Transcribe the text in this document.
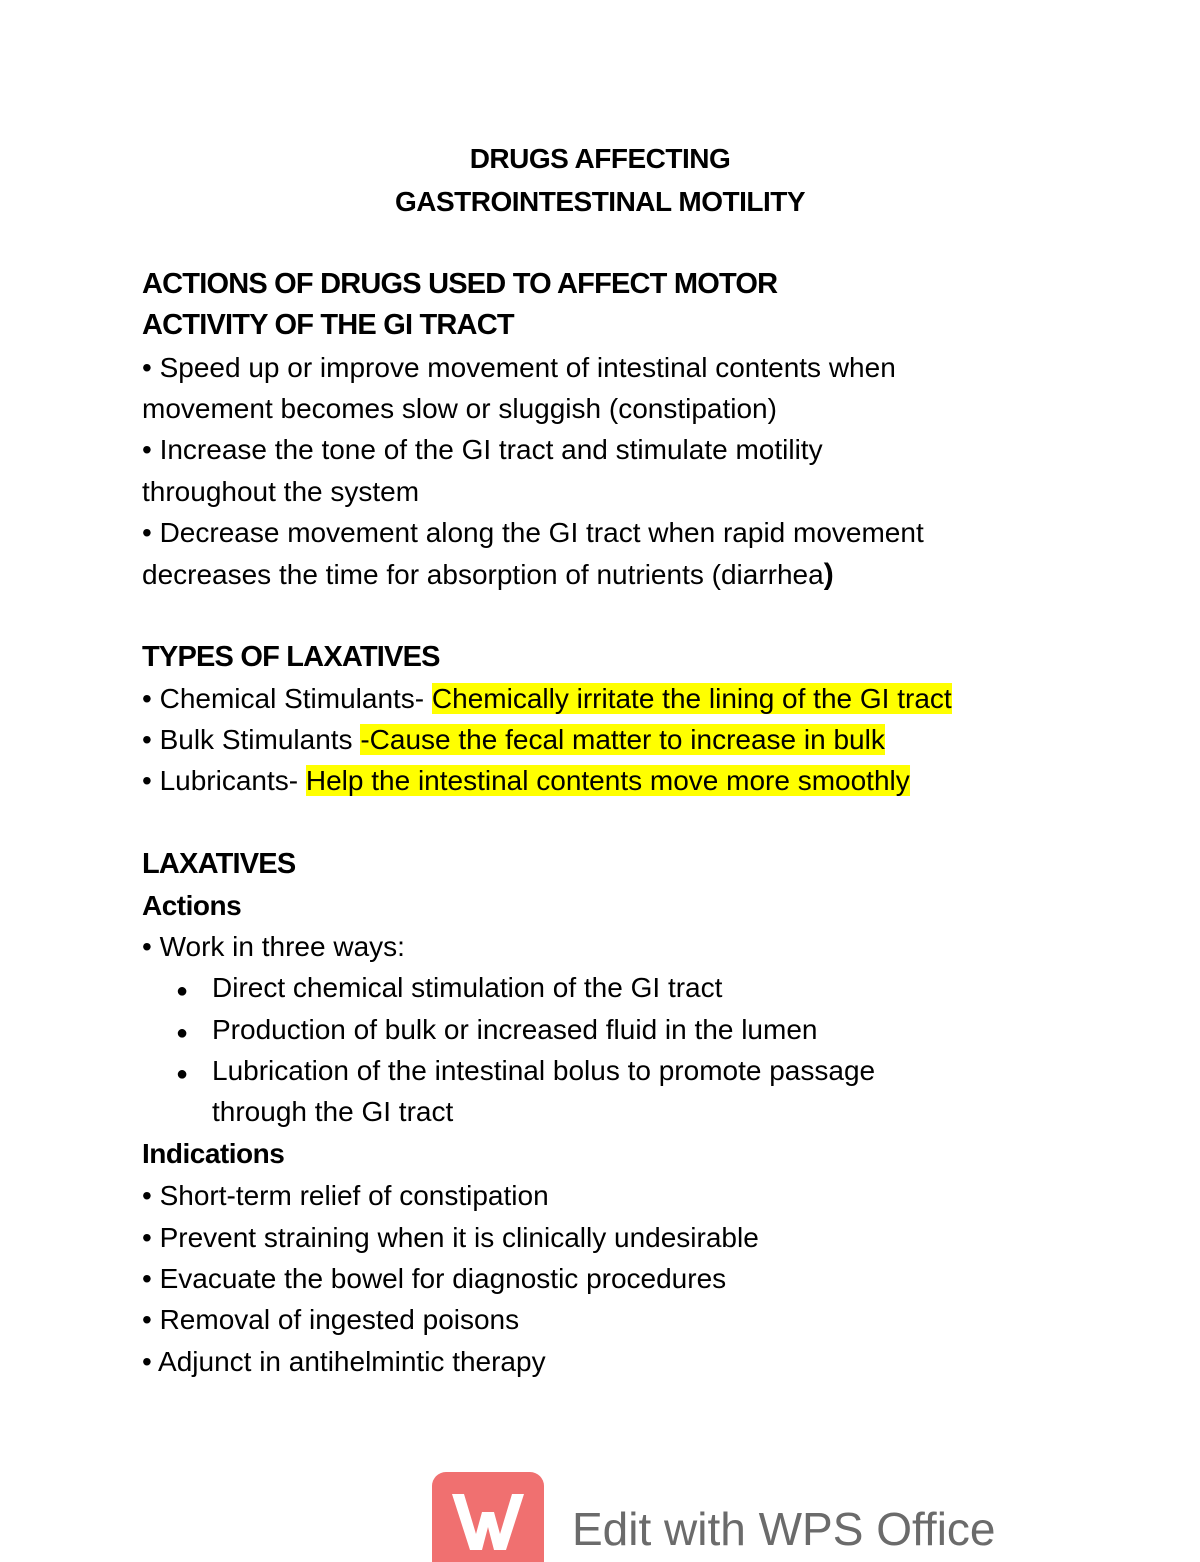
DRUGS AFFECTING
GASTROINTESTINAL MOTILITY
ACTIONS OF DRUGS USED TO AFFECT MOTOR
ACTIVITY OF THE GI TRACT
• Speed up or improve movement of intestinal contents when
movement becomes slow or sluggish (constipation)
• Increase the tone of the GI tract and stimulate motility
throughout the system
• Decrease movement along the GI tract when rapid movement
decreases the time for absorption of nutrients (diarrhea)
TYPES OF LAXATIVES
• Chemical Stimulants- Chemically irritate the lining of the GI tract
• Bulk Stimulants -Cause the fecal matter to increase in bulk
• Lubricants- Help the intestinal contents move more smoothly
LAXATIVES
Actions
• Work in three ways:
● Direct chemical stimulation of the GI tract
● Production of bulk or increased fluid in the lumen
● Lubrication of the intestinal bolus to promote passage
through the GI tract
Indications
• Short-term relief of constipation
• Prevent straining when it is clinically undesirable
• Evacuate the bowel for diagnostic procedures
• Removal of ingested poisons
• Adjunct in antihelmintic therapy
Edit with WPS Office
